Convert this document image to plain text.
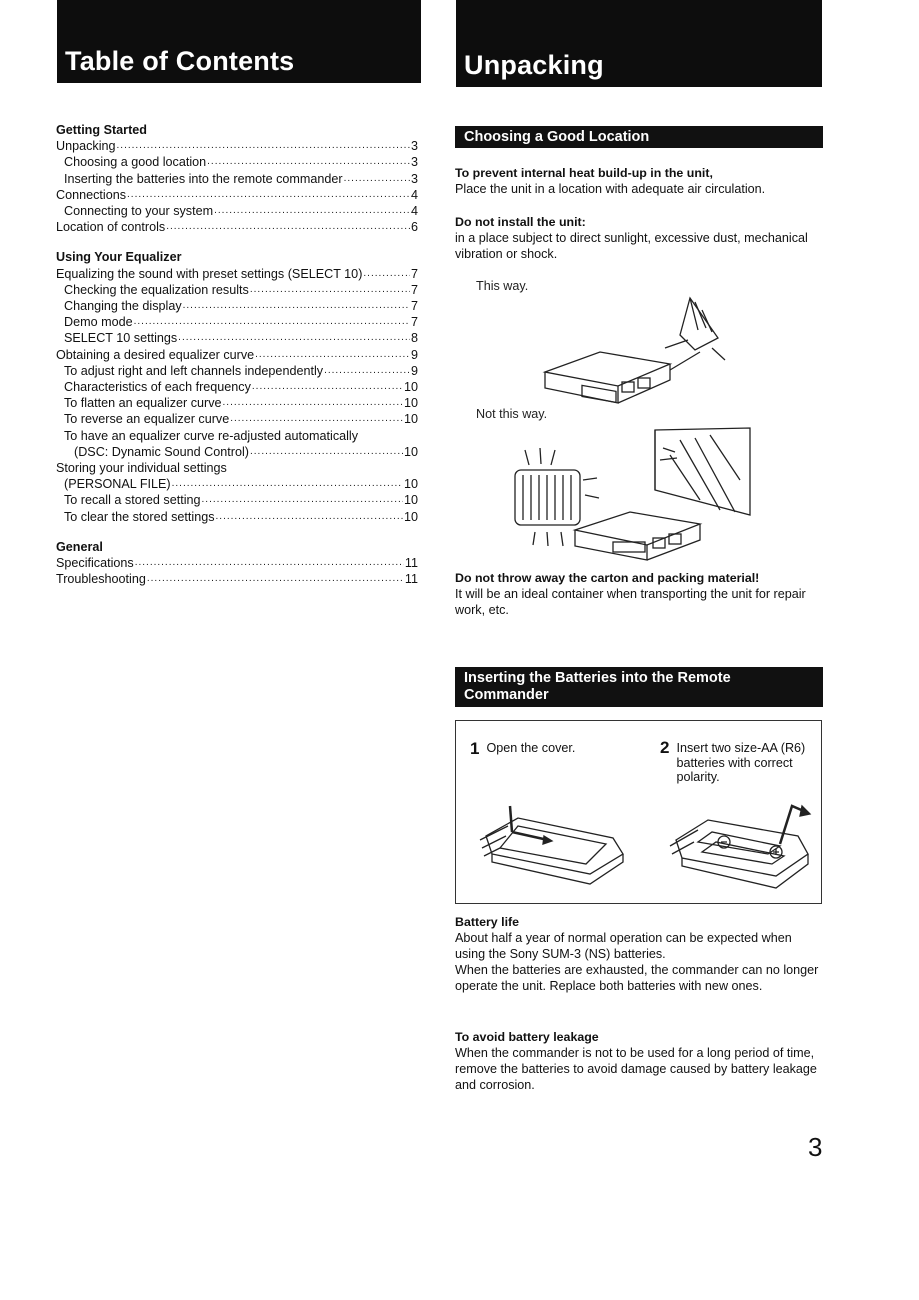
Table of Contents	Unpacking
Getting Started
Unpacking .....	3
Choosing a good location .....	3
Inserting the batteries into the remote commander .....	3
Connections .....	4
Connecting to your system .....	4
Location of controls .....	6
Using Your Equalizer
Equalizing the sound with preset settings (SELECT 10) .....	7
Checking the equalization results .....	7
Changing the display .....	7
Demo mode .....	7
SELECT 10 settings .....	8
Obtaining a desired equalizer curve .....	9
To adjust right and left channels independently .....	9
Characteristics of each frequency .....	10
To flatten an equalizer curve .....	10
To reverse an equalizer curve .....	10
To have an equalizer curve re-adjusted automatically
(DSC: Dynamic Sound Control) .....	10
Storing your individual settings
(PERSONAL FILE) .....	10
To recall a stored setting .....	10
To clear the stored settings .....	10
General
Specifications .....	11
Troubleshooting .....	11
Choosing a Good Location
To prevent internal heat build-up in the unit,

Place the unit in a location with adequate air circulation.

Do not install the unit:

in a place subject to direct sunlight, excessive dust, mechanical vibration or shock.

This way.
Not this way.
Do not throw away the carton and packing material!

It will be an ideal container when transporting the unit for repair work, etc.

Inserting the Batteries into the Remote
Commander
1 Open the cover.	2 Insert two size-AA (R6) batteries with correct polarity.
Battery life

About half a year of normal operation can be expected when using the Sony SUM-3 (NS) batteries.

When the batteries are exhausted, the commander can no longer operate the unit. Replace both batteries with new ones.

To avoid battery leakage

When the commander is not to be used for a long period of time, remove the batteries to avoid damage caused by battery leakage and corrosion.

3
